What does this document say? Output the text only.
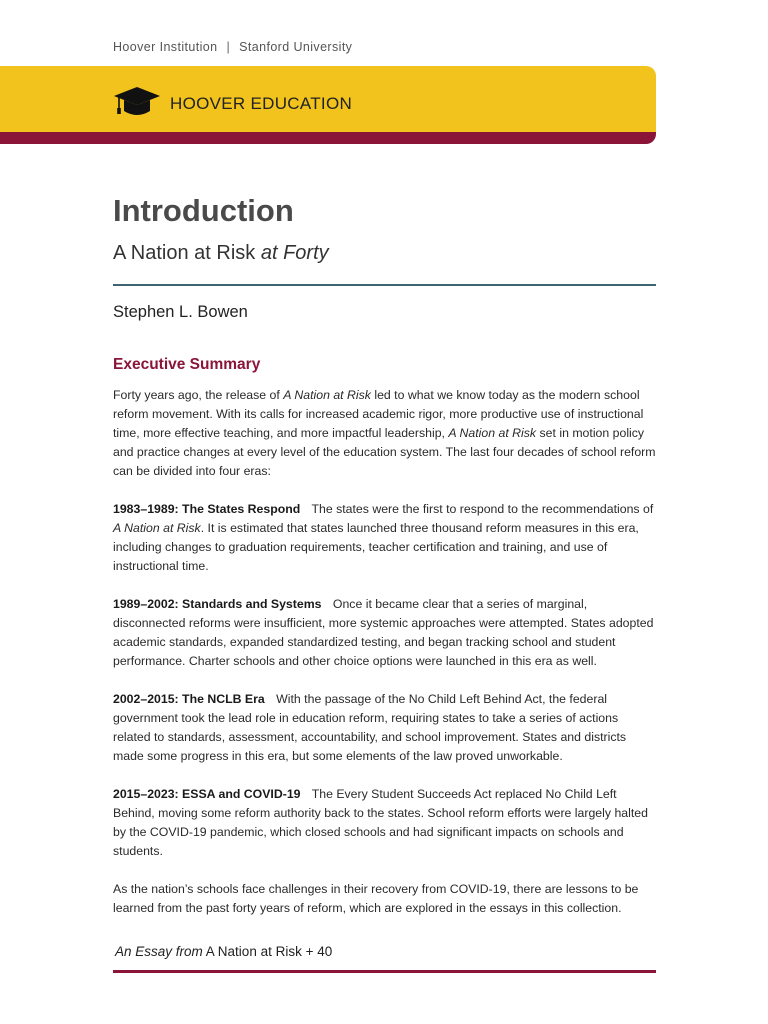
Hoover Institution | Stanford University
HOOVER EDUCATION
Introduction
A Nation at Risk at Forty
Stephen L. Bowen
Executive Summary

Forty years ago, the release of A Nation at Risk led to what we know today as the modern school reform movement. With its calls for increased academic rigor, more productive use of instructional time, more effective teaching, and more impactful leadership, A Nation at Risk set in motion policy and practice changes at every level of the education system. The last four decades of school reform can be divided into four eras:

1983–1989: The States Respond The states were the first to respond to the recommendations of A Nation at Risk. It is estimated that states launched three thousand reform measures in this era, including changes to graduation requirements, teacher certification and training, and use of instructional time.

1989–2002: Standards and Systems Once it became clear that a series of marginal, disconnected reforms were insufficient, more systemic approaches were attempted. States adopted academic standards, expanded standardized testing, and began tracking school and student performance. Charter schools and other choice options were launched in this era as well.

2002–2015: The NCLB Era With the passage of the No Child Left Behind Act, the federal government took the lead role in education reform, requiring states to take a series of actions related to standards, assessment, accountability, and school improvement. States and districts made some progress in this era, but some elements of the law proved unworkable.

2015–2023: ESSA and COVID-19 The Every Student Succeeds Act replaced No Child Left Behind, moving some reform authority back to the states. School reform efforts were largely halted by the COVID-19 pandemic, which closed schools and had significant impacts on schools and students.

As the nation’s schools face challenges in their recovery from COVID-19, there are lessons to be learned from the past forty years of reform, which are explored in the essays in this collection.

An Essay from A Nation at Risk + 40
